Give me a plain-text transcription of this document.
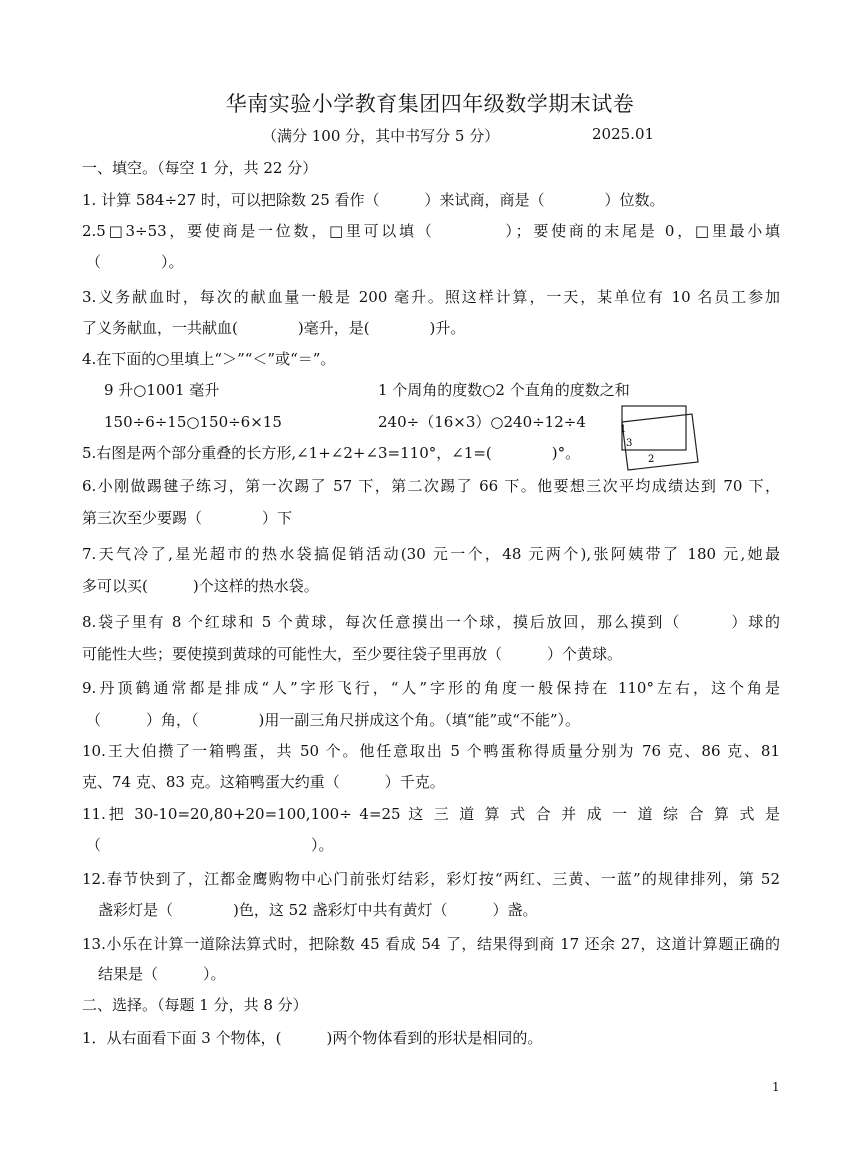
华南实验小学教育集团四年级数学期末试卷
（满分 100 分，其中书写分 5 分）	2025.01
一、填空。（每空 1 分，共 22 分）
1. 计算 584÷27 时，可以把除数 25 看作（　　　）来试商，商是（　　　　）位数。
2.5□3÷53，要使商是一位数，□里可以填（　　　　）；要使商的末尾是 0，□里最小填
（　　　　）。
3.义务献血时，每次的献血量一般是 200 毫升。照这样计算，一天，某单位有 10 名员工参加
了义务献血，一共献血(　　　　)毫升，是(　　　　)升。
4.在下面的○里填上“＞”“＜”或“＝”。
9 升○1001 毫升	1 个周角的度数○2 个直角的度数之和
150÷6÷15○150÷6×15	240÷（16×3）○240÷12÷4
5.右图是两个部分重叠的长方形,∠1+∠2+∠3=110°，∠1=(　　　　)°。
1
3
2
6.小刚做踢毽子练习，第一次踢了 57 下，第二次踢了 66 下。他要想三次平均成绩达到 70 下，
第三次至少要踢（　　　　）下
7.天气冷了,星光超市的热水袋搞促销活动(30 元一个，48 元两个),张阿姨带了 180 元,她最
多可以买(　　　)个这样的热水袋。
8.袋子里有 8 个红球和 5 个黄球，每次任意摸出一个球，摸后放回，那么摸到（　　　）球的
可能性大些；要使摸到黄球的可能性大，至少要往袋子里再放（　　　）个黄球。
9.丹顶鹤通常都是排成“人”字形飞行，“人”字形的角度一般保持在 110°左右，这个角是
（　　　）角，（　　　　)用一副三角尺拼成这个角。（填“能”或“不能”）。
10.王大伯攒了一箱鸭蛋，共 50 个。他任意取出 5 个鸭蛋称得质量分别为 76 克、86 克、81
克、74 克、83 克。这箱鸭蛋大约重（　　　）千克。
11.把 30-10=20,80+20=100,100÷ 4=25 这 三 道 算 式 合 并 成 一 道 综 合 算 式 是
（　　　　　　　　　　　　　　）。
12.春节快到了，江都金鹰购物中心门前张灯结彩，彩灯按“两红、三黄、一蓝”的规律排列，第 52
盏彩灯是（　　　　)色，这 52 盏彩灯中共有黄灯（　　　）盏。
13.小乐在计算一道除法算式时，把除数 45 看成 54 了，结果得到商 17 还余 27，这道计算题正确的
结果是（　　　）。
二、选择。（每题 1 分，共 8 分）
1．从右面看下面 3 个物体，(　　　)两个物体看到的形状是相同的。
1
